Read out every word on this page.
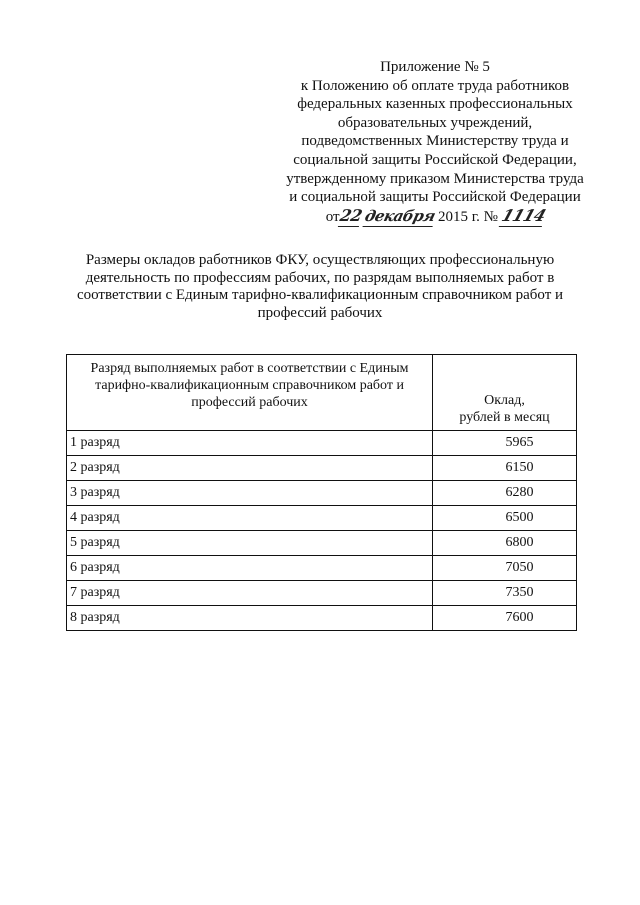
Приложение № 5
к Положению об оплате труда работников
федеральных казенных профессиональных
образовательных учреждений,
подведомственных Министерству труда и
социальной защиты Российской Федерации,
утвержденному приказом Министерства труда
и социальной защиты Российской Федерации
от22 декабря 2015 г. № 1114
Размеры окладов работников ФКУ, осуществляющих профессиональную
деятельность по профессиям рабочих, по разрядам выполняемых работ в
соответствии с Единым тарифно-квалификационным справочником работ и
профессий рабочих
Разряд выполняемых работ в соответствии с Единым
тарифно-квалификационным справочником работ и
профессий рабочих	Оклад,
рублей в месяц

1 разряд	5965
2 разряд	6150
3 разряд	6280
4 разряд	6500
5 разряд	6800
6 разряд	7050
7 разряд	7350
8 разряд	7600
